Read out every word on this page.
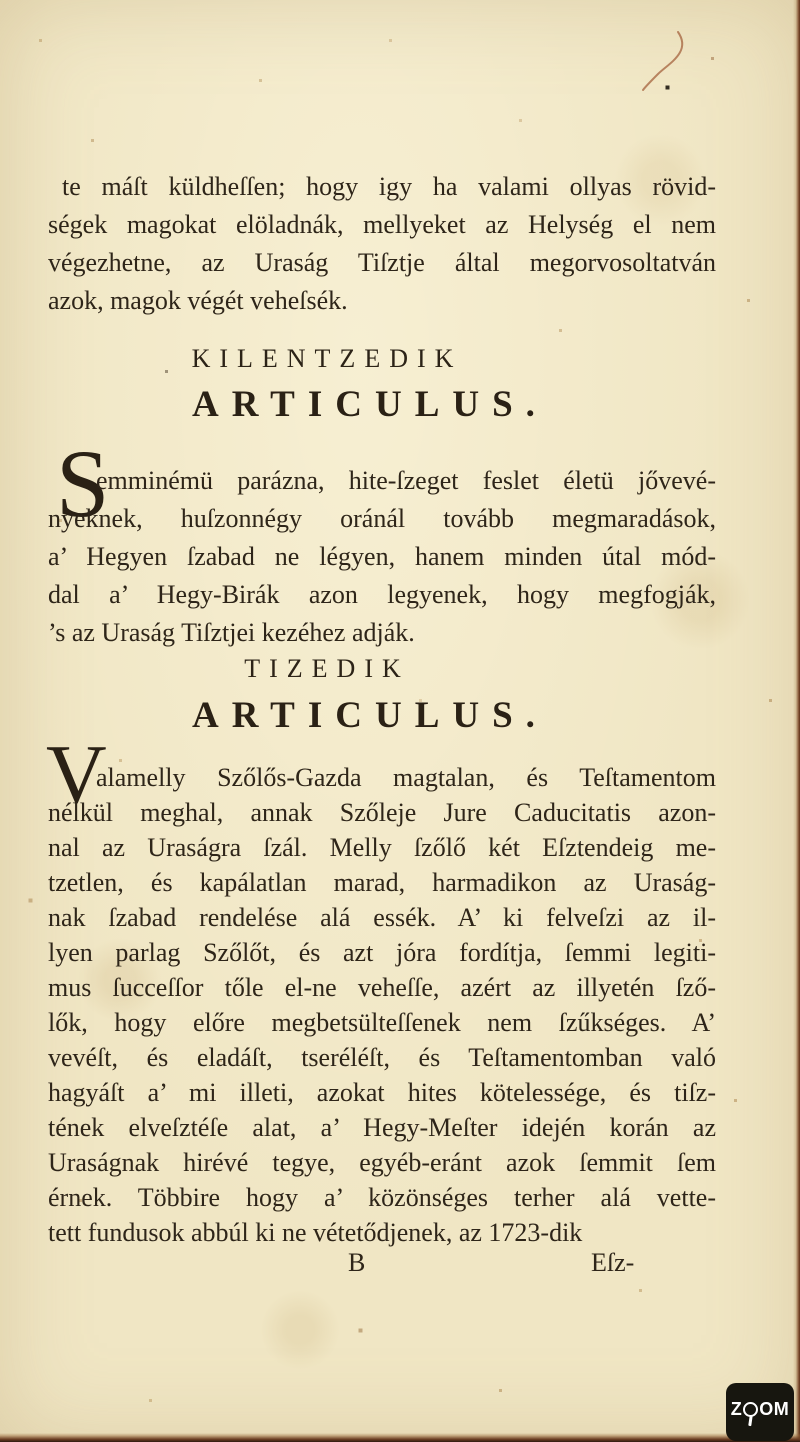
te máſt küldheſſen; hogy igy ha valami ollyas rövid-
ségek magokat elöladnák, mellyeket az Helység el nem
végezhetne, az Uraság Tiſztje által megorvosoltatván
azok, magok végét veheſsék.
KILENTZEDIK
ARTICULUS.
S
emminémü parázna, hite-ſzeget feslet életü jővevé-
nyeknek, huſzonnégy oránál tovább megmaradások,
a’ Hegyen ſzabad ne légyen, hanem minden útal mód-
dal a’ Hegy-Birák azon legyenek, hogy megfogják,
’s az Uraság Tiſztjei kezéhez adják.
TIZEDIK
ARTICULUS.
V
alamelly Szőlős-Gazda magtalan, és Teſtamentom
nélkül meghal, annak Szőleje Jure Caducitatis azon-
nal az Uraságra ſzál. Melly ſzőlő két Eſztendeig me-
tzetlen, és kapálatlan marad, harmadikon az Uraság-
nak ſzabad rendelése alá essék. A’ ki felveſzi az il-
lyen parlag Szőlőt, és azt jóra fordítja, ſemmi legiti-
mus ſucceſſor tőle el-ne veheſſe, azért az illyetén ſző-
lők, hogy előre megbetsülteſſenek nem ſzűkséges. A’
vevéſt, és eladáſt, tseréléſt, és Teſtamentomban való
hagyáſt a’ mi illeti, azokat hites kötelessége, és tiſz-
tének elveſztéſe alat, a’ Hegy-Meſter idején korán az
Uraságnak hirévé tegye, egyéb-eránt azok ſemmit ſem
érnek. Többire hogy a’ közönséges terher alá vette-
tett fundusok abbúl ki ne vétetődjenek, az 1723-dik
B	Eſz-
Z O M
